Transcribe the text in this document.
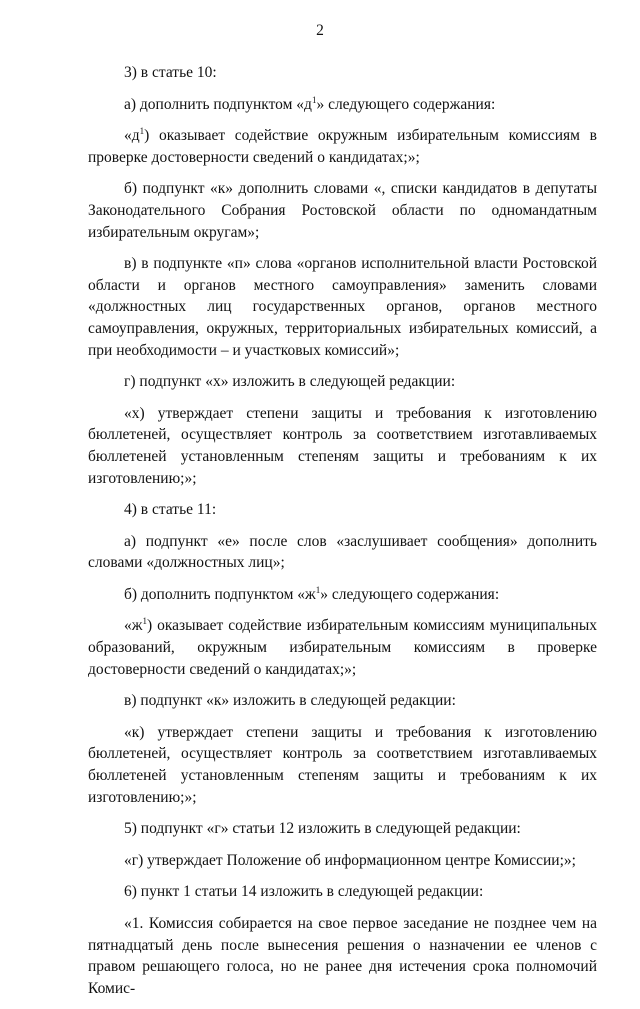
2

3) в статье 10:

а) дополнить подпунктом «$д^1$» следующего содержания:

«$д^1$) оказывает содействие окружным избирательным комиссиям в проверке достоверности сведений о кандидатах;»;

б) подпункт «к» дополнить словами «, списки кандидатов в депутаты Законодательного Собрания Ростовской области по одномандатным избирательным округам»;

в) в подпункте «п» слова «органов исполнительной власти Ростовской области и органов местного самоуправления» заменить словами «должностных лиц государственных органов, органов местного самоуправления, окружных, территориальных избирательных комиссий, а при необходимости – и участковых комиссий»;

г) подпункт «х» изложить в следующей редакции:

«х) утверждает степени защиты и требования к изготовлению бюллетеней, осуществляет контроль за соответствием изготавливаемых бюллетеней установленным степеням защиты и требованиям к их изготовлению;»;

4) в статье 11:

а) подпункт «е» после слов «заслушивает сообщения» дополнить словами «должностных лиц»;

б) дополнить подпунктом «$ж^1$» следующего содержания:

«$ж^1$) оказывает содействие избирательным комиссиям муниципальных образований, окружным избирательным комиссиям в проверке достоверности сведений о кандидатах;»;

в) подпункт «к» изложить в следующей редакции:

«к) утверждает степени защиты и требования к изготовлению бюллетеней, осуществляет контроль за соответствием изготавливаемых бюллетеней установленным степеням защиты и требованиям к их изготовлению;»;

5) подпункт «г» статьи 12 изложить в следующей редакции:

«г) утверждает Положение об информационном центре Комиссии;»;

6) пункт 1 статьи 14 изложить в следующей редакции:

«1. Комиссия собирается на свое первое заседание не позднее чем на пятнадцатый день после вынесения решения о назначении ее членов с правом решающего голоса, но не ранее дня истечения срока полномочий Комис-
